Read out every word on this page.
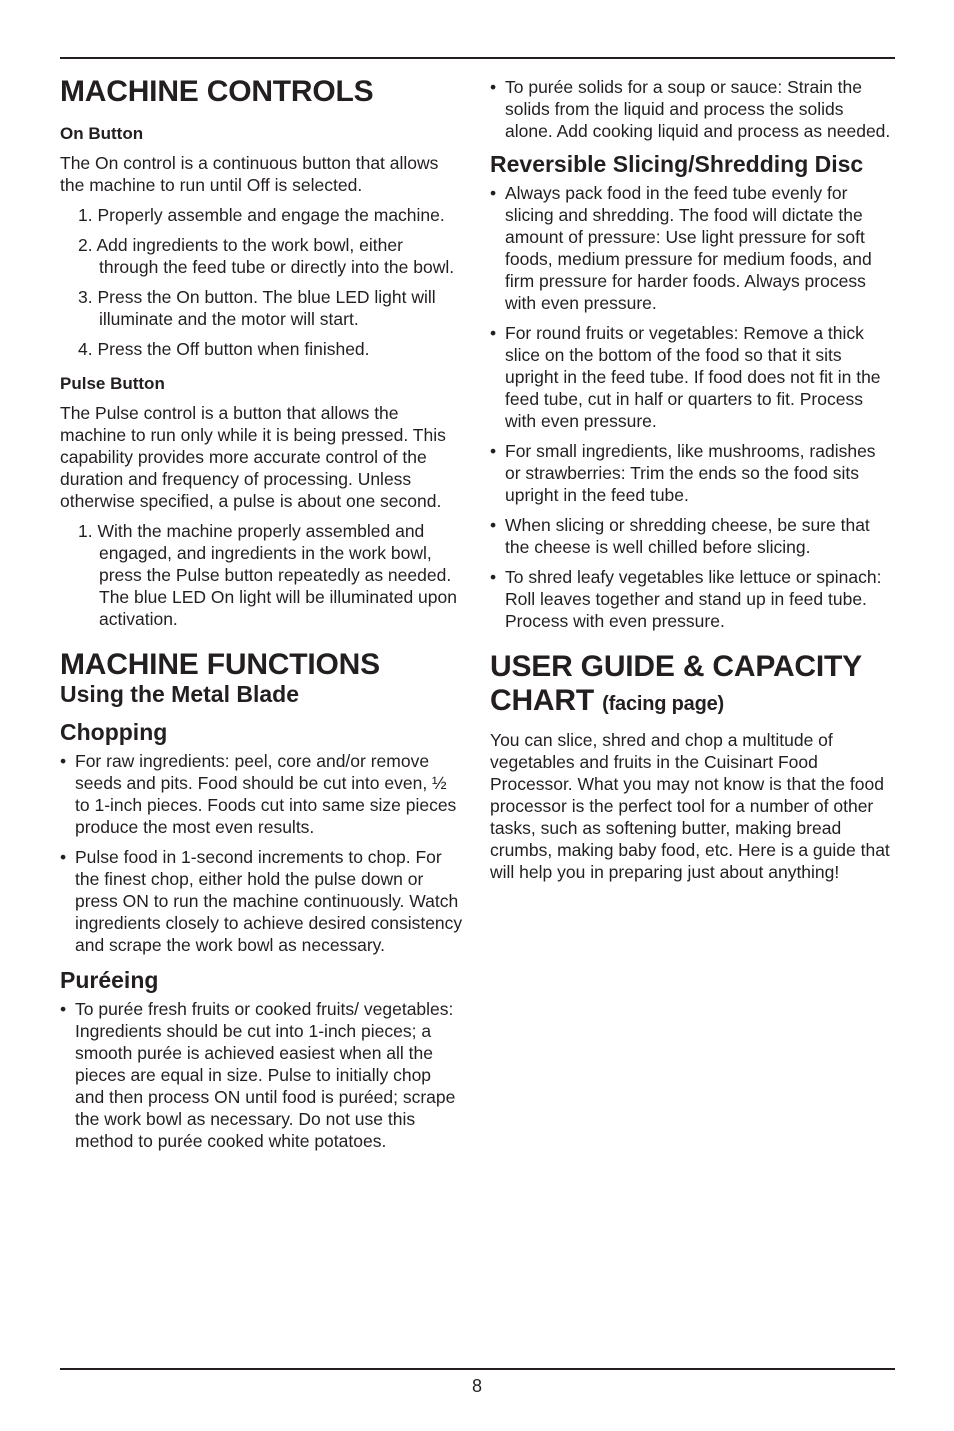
MACHINE CONTROLS
On Button

The On control is a continuous button that allows the machine to run until Off is selected.

1. Properly assemble and engage the machine.
2. Add ingredients to the work bowl, either through the feed tube or directly into the bowl.
3. Press the On button. The blue LED light will illuminate and the motor will start.
4. Press the Off button when finished.
Pulse Button

The Pulse control is a button that allows the machine to run only while it is being pressed. This capability provides more accurate control of the duration and frequency of processing. Unless otherwise specified, a pulse is about one second.

1. With the machine properly assembled and engaged, and ingredients in the work bowl, press the Pulse button repeatedly as needed. The blue LED On light will be illuminated upon activation.
MACHINE FUNCTIONS
Using the Metal Blade
Chopping
• For raw ingredients: peel, core and/or remove seeds and pits. Food should be cut into even, ½ to 1-inch pieces. Foods cut into same size pieces produce the most even results.
• Pulse food in 1-second increments to chop. For the finest chop, either hold the pulse down or press ON to run the machine continuously. Watch ingredients closely to achieve desired consistency and scrape the work bowl as necessary.
Puréeing
• To purée fresh fruits or cooked fruits/ vegetables: Ingredients should be cut into 1-inch pieces; a smooth purée is achieved easiest when all the pieces are equal in size. Pulse to initially chop and then process ON until food is puréed; scrape the work bowl as necessary. Do not use this method to purée cooked white potatoes.
• To purée solids for a soup or sauce: Strain the solids from the liquid and process the solids alone. Add cooking liquid and process as needed.
Reversible Slicing/Shredding Disc
• Always pack food in the feed tube evenly for slicing and shredding. The food will dictate the amount of pressure: Use light pressure for soft foods, medium pressure for medium foods, and firm pressure for harder foods. Always process with even pressure.
• For round fruits or vegetables: Remove a thick slice on the bottom of the food so that it sits upright in the feed tube. If food does not fit in the feed tube, cut in half or quarters to fit. Process with even pressure.
• For small ingredients, like mushrooms, radishes or strawberries: Trim the ends so the food sits upright in the feed tube.
• When slicing or shredding cheese, be sure that the cheese is well chilled before slicing.
• To shred leafy vegetables like lettuce or spinach: Roll leaves together and stand up in feed tube. Process with even pressure.
USER GUIDE & CAPACITY
CHART (facing page)

You can slice, shred and chop a multitude of vegetables and fruits in the Cuisinart Food Processor. What you may not know is that the food processor is the perfect tool for a number of other tasks, such as softening butter, making bread crumbs, making baby food, etc. Here is a guide that will help you in preparing just about anything!

8
